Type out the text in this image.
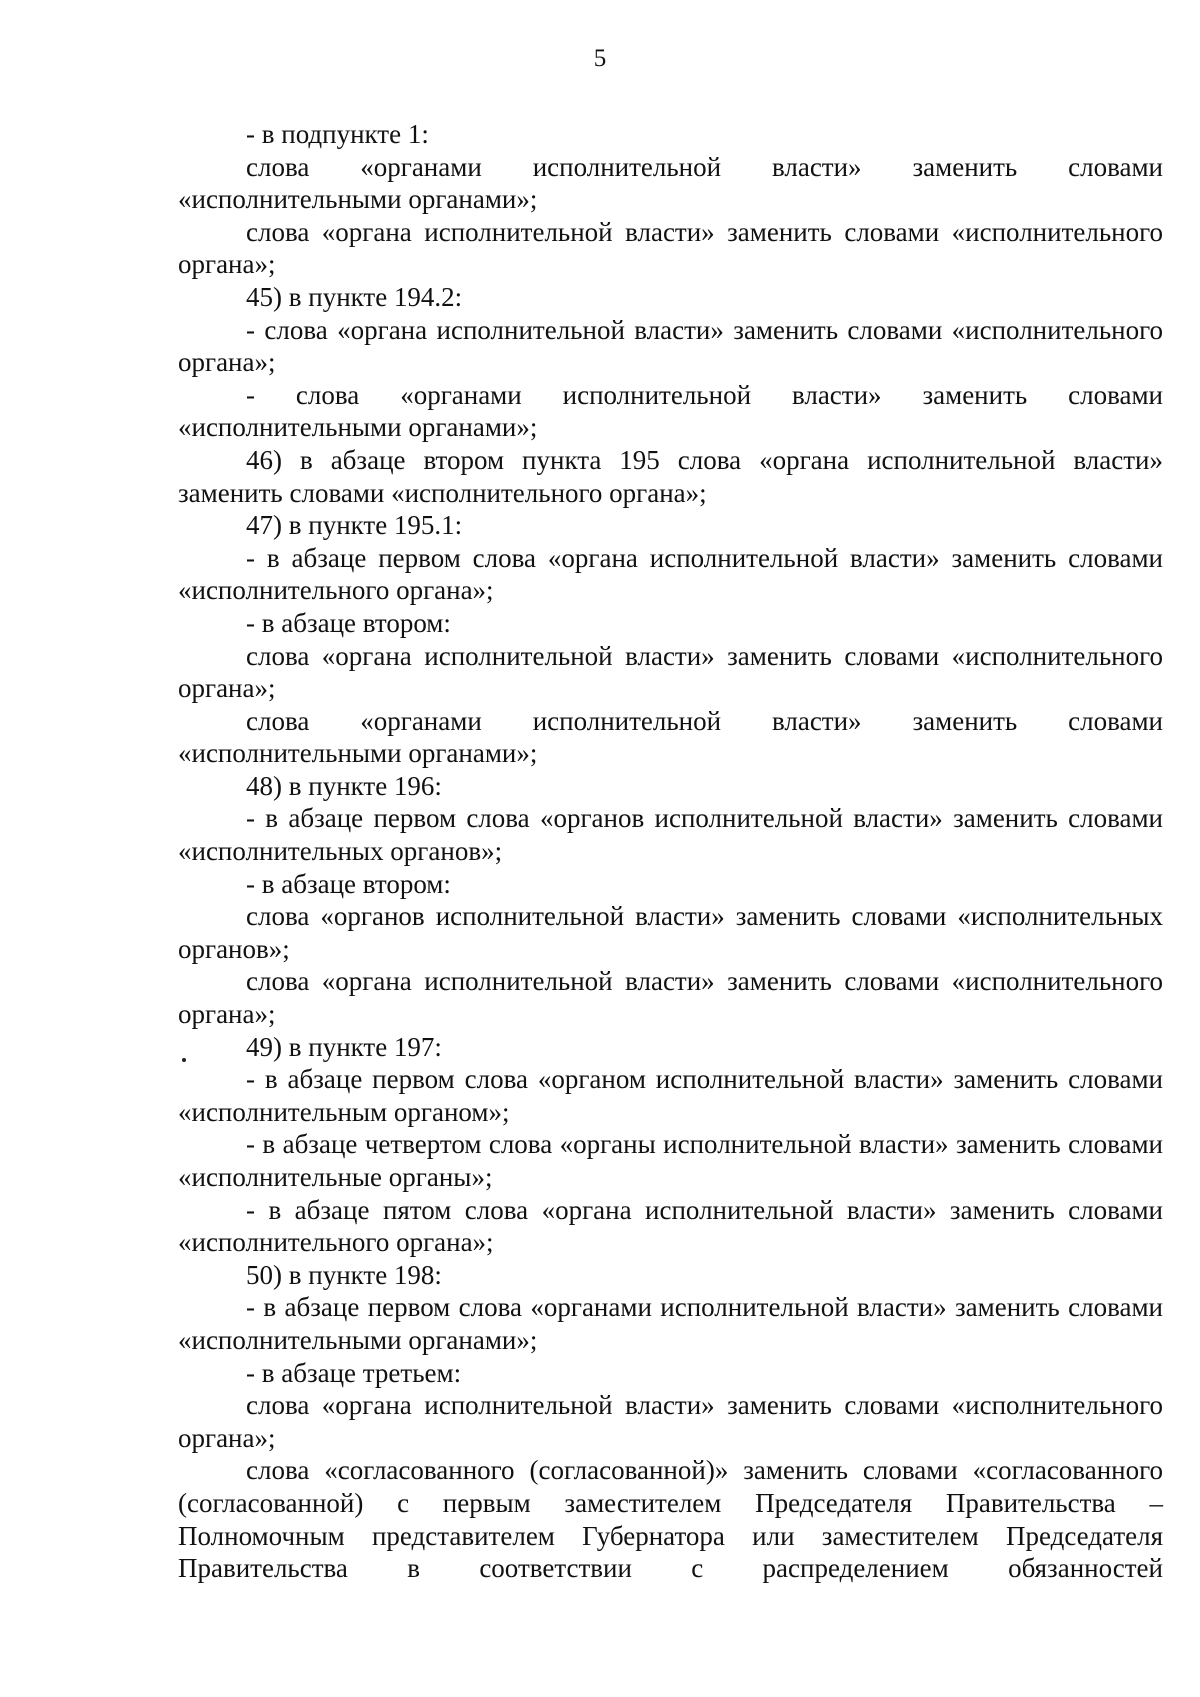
5

- в подпункте 1:

слова «органами исполнительной власти» заменить словами «исполнительными органами»;

слова «органа исполнительной власти» заменить словами «исполнительного органа»;

45) в пункте 194.2:

- слова «органа исполнительной власти» заменить словами «исполнительного органа»;

- слова «органами исполнительной власти» заменить словами «исполнительными органами»;

46) в абзаце втором пункта 195 слова «органа исполнительной власти» заменить словами «исполнительного органа»;

47) в пункте 195.1:

- в абзаце первом слова «органа исполнительной власти» заменить словами «исполнительного органа»;

- в абзаце втором:

слова «органа исполнительной власти» заменить словами «исполнительного органа»;

слова «органами исполнительной власти» заменить словами «исполнительными органами»;

48) в пункте 196:

- в абзаце первом слова «органов исполнительной власти» заменить словами «исполнительных органов»;

- в абзаце втором:

слова «органов исполнительной власти» заменить словами «исполнительных органов»;

слова «органа исполнительной власти» заменить словами «исполнительного органа»;

49) в пункте 197:

- в абзаце первом слова «органом исполнительной власти» заменить словами «исполнительным органом»;

- в абзаце четвертом слова «органы исполнительной власти» заменить словами «исполнительные органы»;

- в абзаце пятом слова «органа исполнительной власти» заменить словами «исполнительного органа»;

50) в пункте 198:

- в абзаце первом слова «органами исполнительной власти» заменить словами «исполнительными органами»;

- в абзаце третьем:

слова «органа исполнительной власти» заменить словами «исполнительного органа»;

слова «согласованного (согласованной)» заменить словами «согласованного (согласованной) с первым заместителем Председателя Правительства – Полномочным представителем Губернатора или заместителем Председателя Правительства в соответствии с распределением обязанностей
